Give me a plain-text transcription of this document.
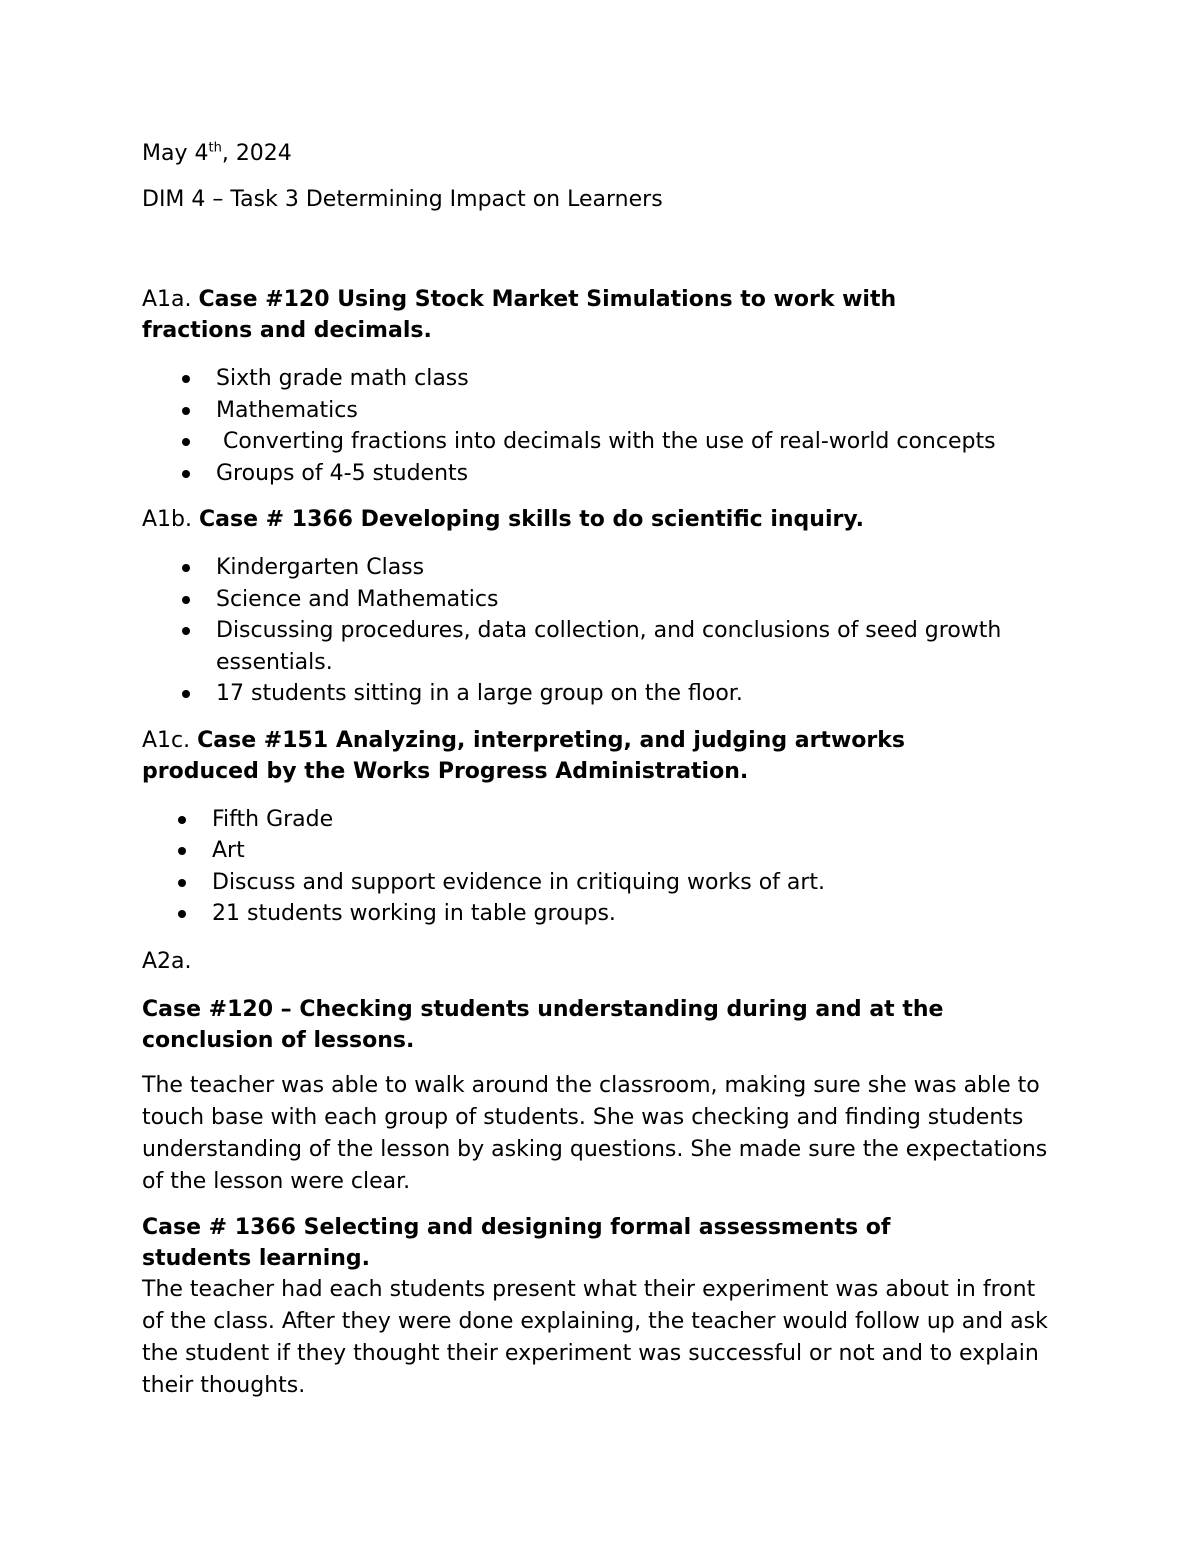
May 4th, 2024

DIM 4 – Task 3 Determining Impact on Learners

A1a. Case #120 Using Stock Market Simulations to work with fractions and decimals.

Sixth grade math class
Mathematics
Converting fractions into decimals with the use of real-world concepts
Groups of 4-5 students

A1b. Case # 1366 Developing skills to do scientific inquiry.

Kindergarten Class
Science and Mathematics
Discussing procedures, data collection, and conclusions of seed growth essentials.
17 students sitting in a large group on the floor.

A1c. Case #151 Analyzing, interpreting, and judging artworks produced by the Works Progress Administration.

Fifth Grade
Art
Discuss and support evidence in critiquing works of art.
21 students working in table groups.

A2a.

Case #120 – Checking students understanding during and at the conclusion of lessons.

The teacher was able to walk around the classroom, making sure she was able to touch base with each group of students. She was checking and finding students understanding of the lesson by asking questions. She made sure the expectations of the lesson were clear.

Case # 1366 Selecting and designing formal assessments of students learning.

The teacher had each students present what their experiment was about in front of the class. After they were done explaining, the teacher would follow up and ask the student if they thought their experiment was successful or not and to explain their thoughts.
